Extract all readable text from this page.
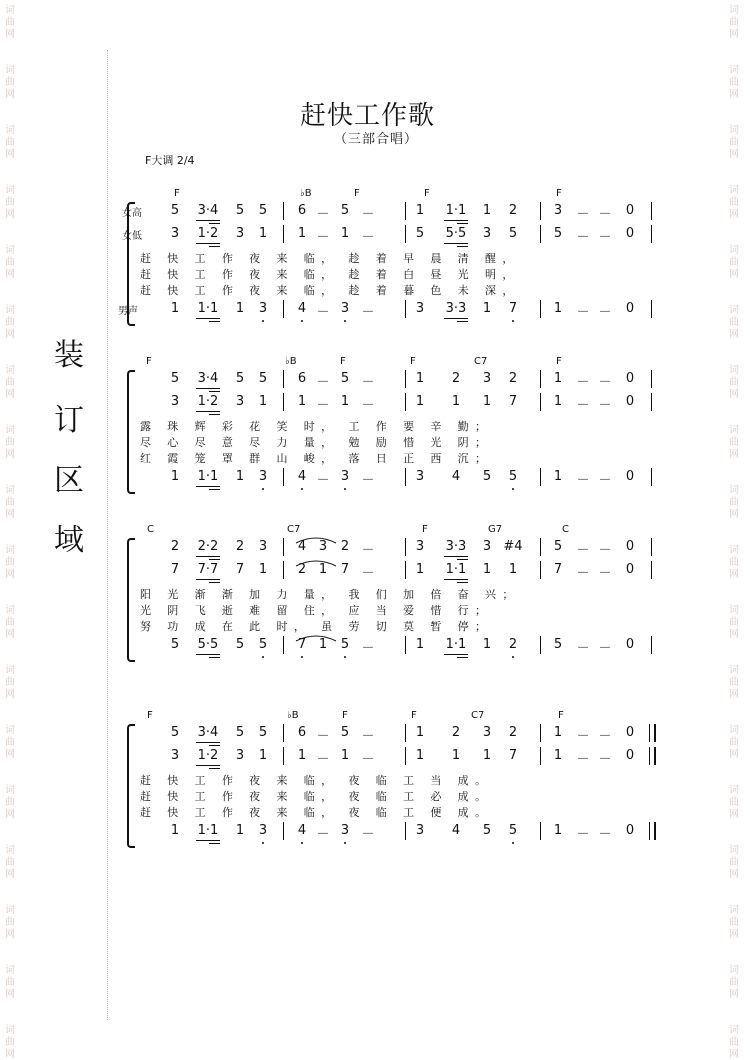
词
曲
网
词
曲
网
词
曲
网
词
曲
网
词
曲
网
词
曲
网
词
曲
网
词
曲
网
词
曲
网
词
曲
网
词
曲
网
词
曲
网
词
曲
网
词
曲
网
词
曲
网
词
曲
网
词
曲
网
词
曲
网
词
曲
网
词
曲
网
词
曲
网
词
曲
网
词
曲
网
词
曲
网
词
曲
网
词
曲
网
词
曲
网
词
曲
网
词
曲
网
词
曲
网
词
曲
网
词
曲
网
词
曲
网
词
曲
网
词
曲
网
词
曲
网
赶快工作歌
（三部合唱）
F大调 2/4
装
订
区
域
女高
女低
男声
F	♭B	F	F	F
5 3·4 5 5 6 － 5 －	1 1·1 1 2	3 － － 0
3 1·2 3 1 1 － 1 －	5 5·5 3 5	5 － － 0
1 1·1 1 3 4 － 3 －	3 3·3 1 7	1 － － 0
赶 快 工 作 夜 来 临， 趁 着 早 晨 清 醒，
赶 快 工 作 夜 来 临， 趁 着 白 昼 光 明，
赶 快 工 作 夜 来 临， 趁 着 暮 色 未 深，
F	♭B	F	F	C7	F
5 3·4 5 5 6 － 5 －	1 2 3 2	1 － － 0
3 1·2 3 1 1 － 1 －	1 1 1 7	1 － － 0
1 1·1 1 3 4 － 3 －	3 4 5 5	1 － － 0
露 珠 辉 彩 花 笑 时， 工 作 要 辛 勤；
尽 心 尽 意 尽 力 量， 勉 励 惜 光 阴；
红 霞 笼 罩 群 山 峻， 落 日 正 西 沉；
C	C7	F	G7	C
2 2·2 2 3 4 3 2 －	3 3·3 3 #4 5 － － 0
7 7·7 7 1 2 1 7 －	1 1·1 1 1	7 － － 0
5 5·5 5 5 7 1 5 －	1 1·1 1 2	5 － － 0
阳 光 渐 渐 加 力 量， 我 们 加 倍 奋 兴；
光 阴 飞 逝 难 留 住， 应 当 爱 惜 行；
努 功 成 在 此 时， 虽 劳 切 莫 暂 停；
F	♭B	F	F	C7	F
5 3·4 5 5 6 － 5 －	1 2 3 2	1 － － 0
3 1·2 3 1 1 － 1 －	1 1 1 7	1 － － 0
1 1·1 1 3 4 － 3 －	3 4 5 5	1 － － 0
赶 快 工 作 夜 来 临， 夜 临 工 当 成。
赶 快 工 作 夜 来 临， 夜 临 工 必 成。
赶 快 工 作 夜 来 临， 夜 临 工 便 成。
